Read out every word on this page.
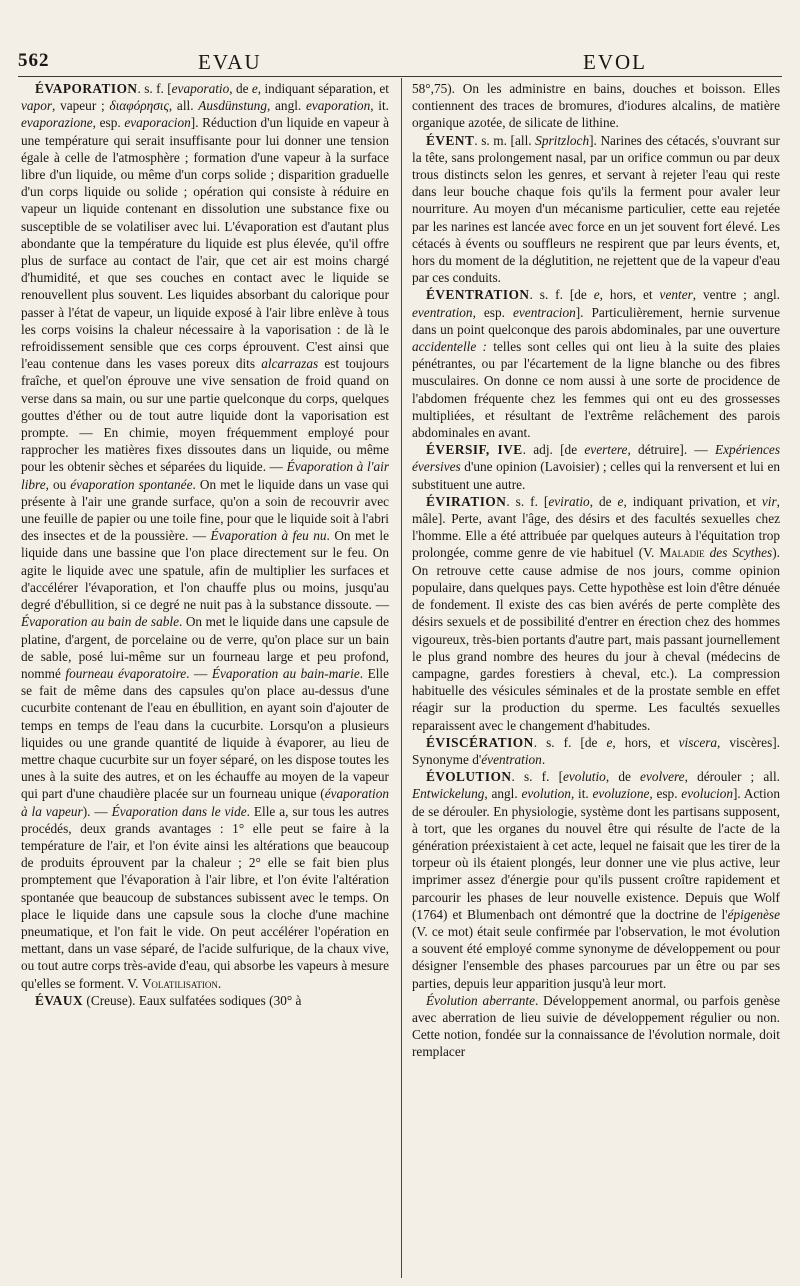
562	EVAU	EVOL

ÉVAPORATION. s. f. [evaporatio, de e, indiquant séparation, et vapor, vapeur ; διαφόρησις, all. Ausdünstung, angl. evaporation, it. evaporazione, esp. evaporacion]. Réduction d'un liquide en vapeur à une température qui serait insuffisante pour lui donner une tension égale à celle de l'atmosphère ; formation d'une vapeur à la surface libre d'un liquide, ou même d'un corps solide ; disparition graduelle d'un corps liquide ou solide ; opération qui consiste à réduire en vapeur un liquide contenant en dissolution une substance fixe ou susceptible de se volatiliser avec lui. L'évaporation est d'autant plus abondante que la température du liquide est plus élevée, qu'il offre plus de surface au contact de l'air, que cet air est moins chargé d'humidité, et que ses couches en contact avec le liquide se renouvellent plus souvent. Les liquides absorbant du calorique pour passer à l'état de vapeur, un liquide exposé à l'air libre enlève à tous les corps voisins la chaleur nécessaire à la vaporisation : de là le refroidissement sensible que ces corps éprouvent. C'est ainsi que l'eau contenue dans les vases poreux dits alcarrazas est toujours fraîche, et quel'on éprouve une vive sensation de froid quand on verse dans sa main, ou sur une partie quelconque du corps, quelques gouttes d'éther ou de tout autre liquide dont la vaporisation est prompte. — En chimie, moyen fréquemment employé pour rapprocher les matières fixes dissoutes dans un liquide, ou même pour les obtenir sèches et séparées du liquide. — Évaporation à l'air libre, ou évaporation spontanée. On met le liquide dans un vase qui présente à l'air une grande surface, qu'on a soin de recouvrir avec une feuille de papier ou une toile fine, pour que le liquide soit à l'abri des insectes et de la poussière. — Évaporation à feu nu. On met le liquide dans une bassine que l'on place directement sur le feu. On agite le liquide avec une spatule, afin de multiplier les surfaces et d'accélérer l'évaporation, et l'on chauffe plus ou moins, jusqu'au degré d'ébullition, si ce degré ne nuit pas à la substance dissoute. — Évaporation au bain de sable. On met le liquide dans une capsule de platine, d'argent, de porcelaine ou de verre, qu'on place sur un bain de sable, posé lui-même sur un fourneau large et peu profond, nommé fourneau évaporatoire. — Évaporation au bain-marie. Elle se fait de même dans des capsules qu'on place au-dessus d'une cucurbite contenant de l'eau en ébullition, en ayant soin d'ajouter de temps en temps de l'eau dans la cucurbite. Lorsqu'on a plusieurs liquides ou une grande quantité de liquide à évaporer, au lieu de mettre chaque cucurbite sur un foyer séparé, on les dispose toutes les unes à la suite des autres, et on les échauffe au moyen de la vapeur qui part d'une chaudière placée sur un fourneau unique (évaporation à la vapeur). — Évaporation dans le vide. Elle a, sur tous les autres procédés, deux grands avantages : 1° elle peut se faire à la température de l'air, et l'on évite ainsi les altérations que beaucoup de produits éprouvent par la chaleur ; 2° elle se fait bien plus promptement que l'évaporation à l'air libre, et l'on évite l'altération spontanée que beaucoup de substances subissent avec le temps. On place le liquide dans une capsule sous la cloche d'une machine pneumatique, et l'on fait le vide. On peut accélérer l'opération en mettant, dans un vase séparé, de l'acide sulfurique, de la chaux vive, ou tout autre corps très-avide d'eau, qui absorbe les vapeurs à mesure qu'elles se forment. V. Volatilisation.

ÉVAUX (Creuse). Eaux sulfatées sodiques (30° à

58°,75). On les administre en bains, douches et boisson. Elles contiennent des traces de bromures, d'iodures alcalins, de matière organique azotée, de silicate de lithine.

ÉVENT. s. m. [all. Spritzloch]. Narines des cétacés, s'ouvrant sur la tête, sans prolongement nasal, par un orifice commun ou par deux trous distincts selon les genres, et servant à rejeter l'eau qui reste dans leur bouche chaque fois qu'ils la ferment pour avaler leur nourriture. Au moyen d'un mécanisme particulier, cette eau rejetée par les narines est lancée avec force en un jet souvent fort élevé. Les cétacés à évents ou souffleurs ne respirent que par leurs évents, et, hors du moment de la déglutition, ne rejettent que de la vapeur d'eau par ces conduits.

ÉVENTRATION. s. f. [de e, hors, et venter, ventre ; angl. eventration, esp. eventracion]. Particulièrement, hernie survenue dans un point quelconque des parois abdominales, par une ouverture accidentelle : telles sont celles qui ont lieu à la suite des plaies pénétrantes, ou par l'écartement de la ligne blanche ou des fibres musculaires. On donne ce nom aussi à une sorte de procidence de l'abdomen fréquente chez les femmes qui ont eu des grossesses multipliées, et résultant de l'extrême relâchement des parois abdominales en avant.

ÉVERSIF, IVE. adj. [de evertere, détruire]. — Expériences éversives d'une opinion (Lavoisier) ; celles qui la renversent et lui en substituent une autre.

ÉVIRATION. s. f. [eviratio, de e, indiquant privation, et vir, mâle]. Perte, avant l'âge, des désirs et des facultés sexuelles chez l'homme. Elle a été attribuée par quelques auteurs à l'équitation trop prolongée, comme genre de vie habituel (V. Maladie des Scythes). On retrouve cette cause admise de nos jours, comme opinion populaire, dans quelques pays. Cette hypothèse est loin d'être dénuée de fondement. Il existe des cas bien avérés de perte complète des désirs sexuels et de possibilité d'entrer en érection chez des hommes vigoureux, très-bien portants d'autre part, mais passant journellement le plus grand nombre des heures du jour à cheval (médecins de campagne, gardes forestiers à cheval, etc.). La compression habituelle des vésicules séminales et de la prostate semble en effet réagir sur la production du sperme. Les facultés sexuelles reparaissent avec le changement d'habitudes.

ÉVISCÉRATION. s. f. [de e, hors, et viscera, viscères]. Synonyme d'éventration.

ÉVOLUTION. s. f. [evolutio, de evolvere, dérouler ; all. Entwickelung, angl. evolution, it. evoluzione, esp. evolucion]. Action de se dérouler. En physiologie, système dont les partisans supposent, à tort, que les organes du nouvel être qui résulte de l'acte de la génération préexistaient à cet acte, lequel ne faisait que les tirer de la torpeur où ils étaient plongés, leur donner une vie plus active, leur imprimer assez d'énergie pour qu'ils pussent croître rapidement et parcourir les phases de leur nouvelle existence. Depuis que Wolf (1764) et Blumenbach ont démontré que la doctrine de l'épigenèse (V. ce mot) était seule confirmée par l'observation, le mot évolution a souvent été employé comme synonyme de développement ou pour désigner l'ensemble des phases parcourues par un être ou par ses parties, depuis leur apparition jusqu'à leur mort.

Évolution aberrante. Développement anormal, ou parfois genèse avec aberration de lieu suivie de développement régulier ou non. Cette notion, fondée sur la connaissance de l'évolution normale, doit remplacer
